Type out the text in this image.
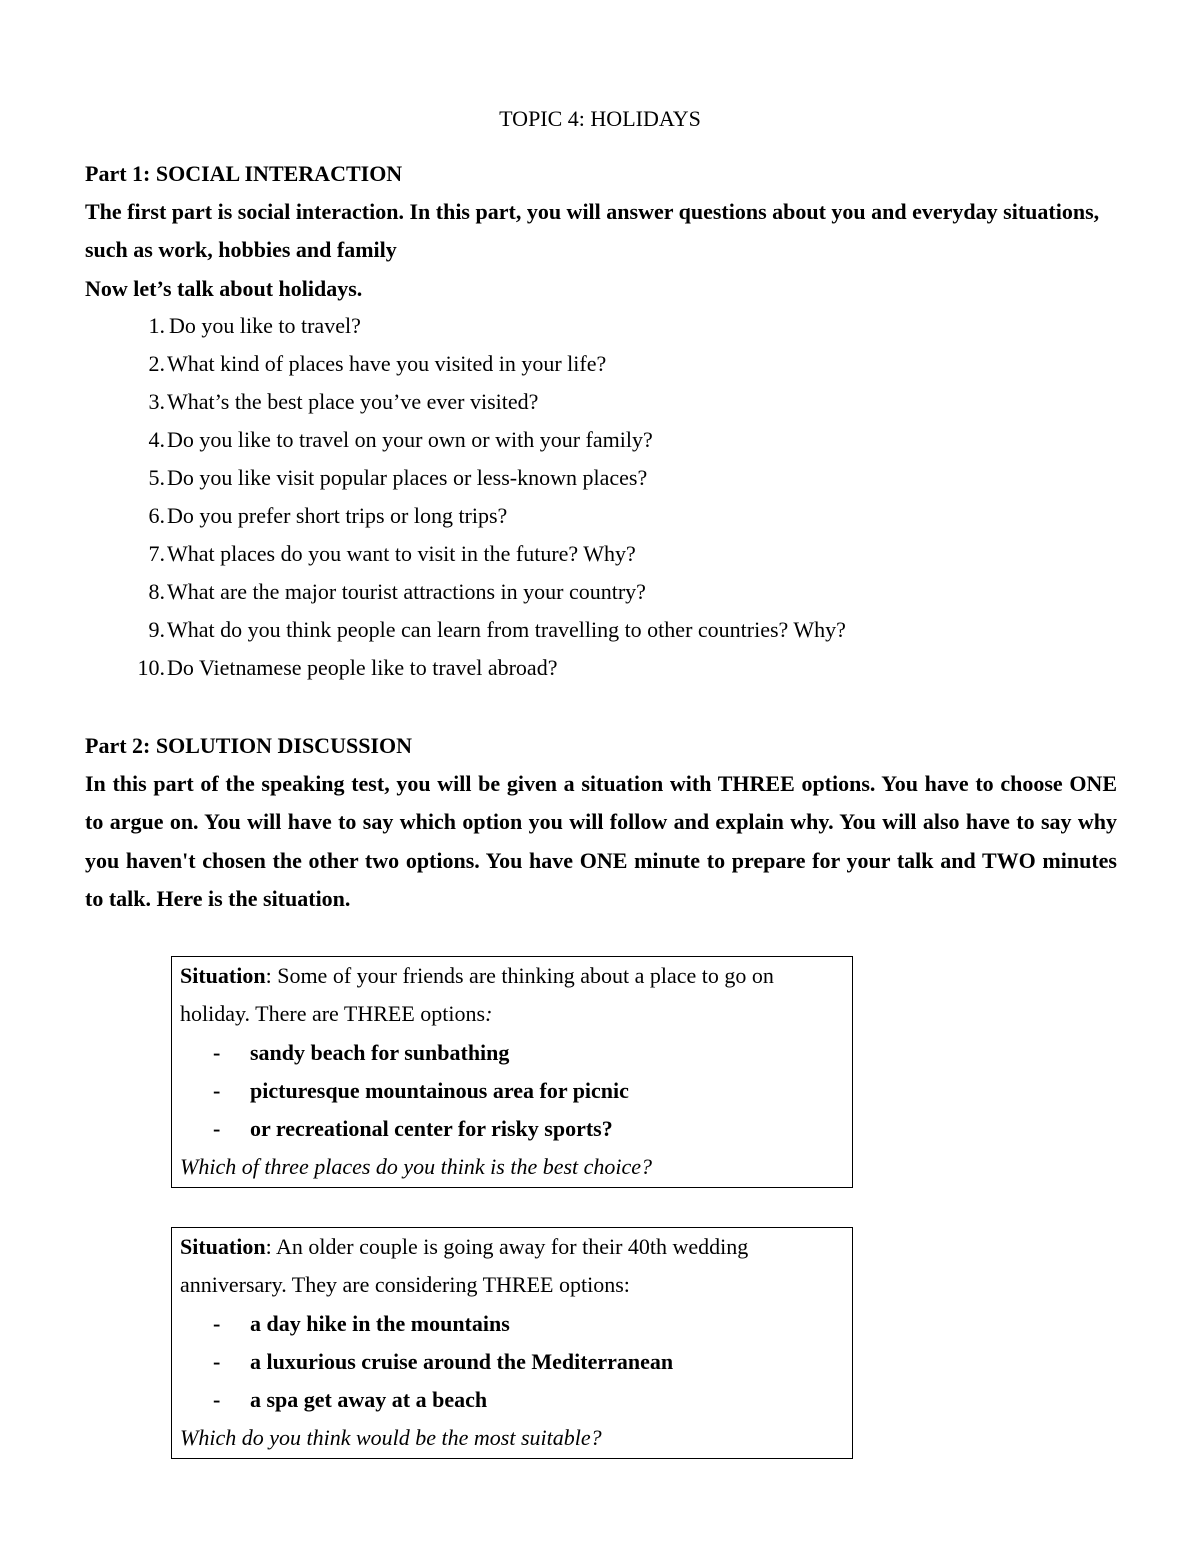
TOPIC 4: HOLIDAYS
Part 1: SOCIAL INTERACTION
The first part is social interaction. In this part, you will answer questions about you and everyday situations, such as work, hobbies and family
Now let’s talk about holidays.
1. Do you like to travel?
2. What kind of places have you visited in your life?
3. What’s the best place you’ve ever visited?
4. Do you like to travel on your own or with your family?
5. Do you like visit popular places or less-known places?
6. Do you prefer short trips or long trips?
7. What places do you want to visit in the future? Why?
8. What are the major tourist attractions in your country?
9. What do you think people can learn from travelling to other countries? Why?
10. Do Vietnamese people like to travel abroad?
Part 2: SOLUTION DISCUSSION
In this part of the speaking test, you will be given a situation with THREE options. You have to choose ONE to argue on. You will have to say which option you will follow and explain why. You will also have to say why you haven't chosen the other two options. You have ONE minute to prepare for your talk and TWO minutes to talk. Here is the situation.
Situation: Some of your friends are thinking about a place to go on holiday. There are THREE options:
-	sandy beach for sunbathing
-	picturesque mountainous area for picnic
-	or recreational center for risky sports?
Which of three places do you think is the best choice?
Situation: An older couple is going away for their 40th wedding anniversary. They are considering THREE options:
-	a day hike in the mountains
-	a luxurious cruise around the Mediterranean
-	a spa get away at a beach
Which do you think would be the most suitable?
